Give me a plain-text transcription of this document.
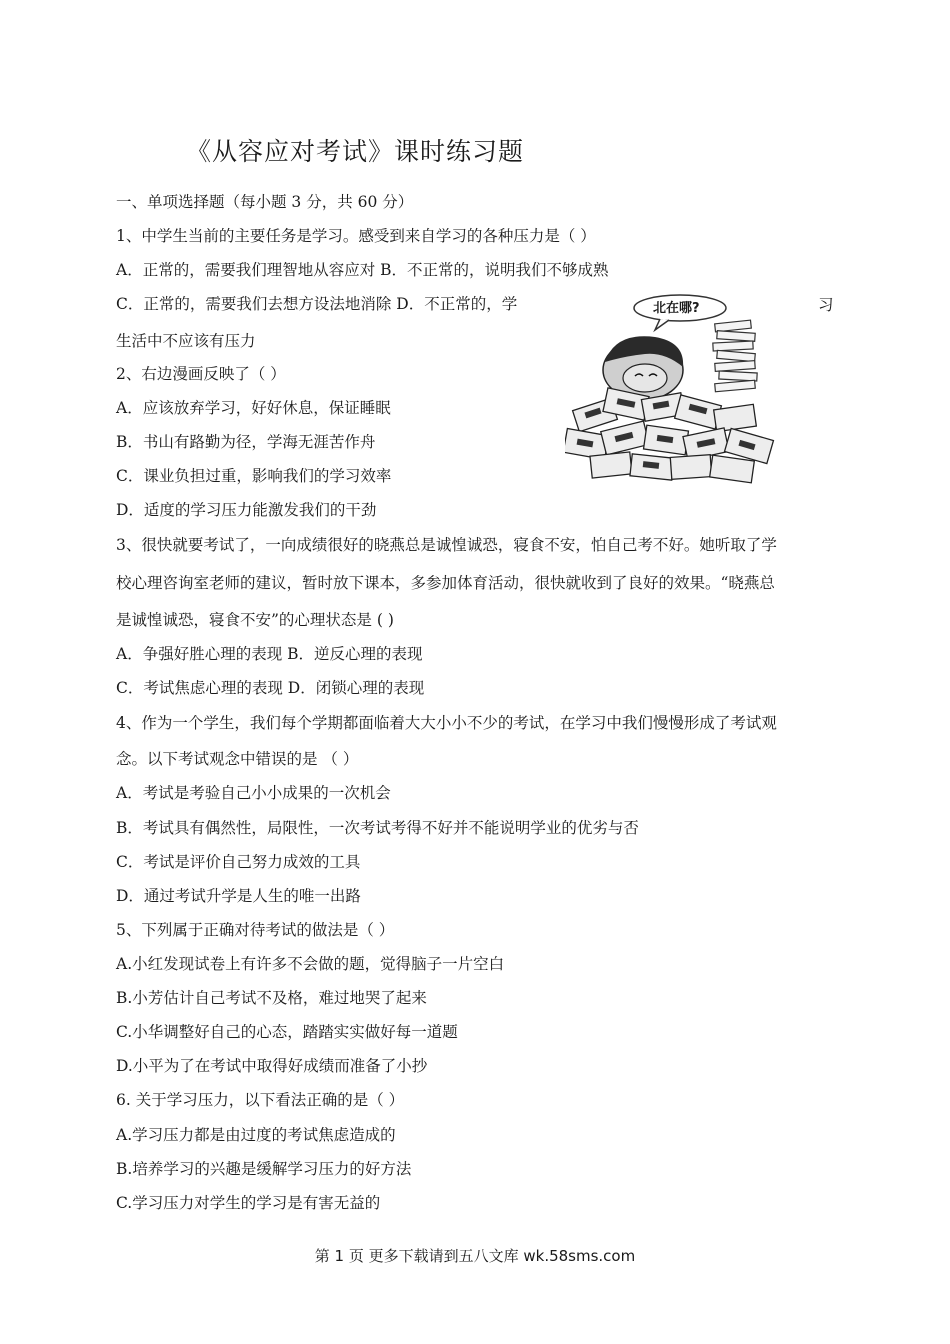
《从容应对考试》课时练习题
一、单项选择题（每小题 3 分，共 60 分）
1、中学生当前的主要任务是学习。感受到来自学习的各种压力是（ ）
A．正常的，需要我们理智地从容应对 B．不正常的，说明我们不够成熟
C．正常的，需要我们去想方设法地消除 D．不正常的，学	习
生活中不应该有压力
2、右边漫画反映了（ ）
A．应该放弃学习，好好休息，保证睡眠
B．书山有路勤为径，学海无涯苦作舟
C．课业负担过重，影响我们的学习效率
D．适度的学习压力能激发我们的干劲
3、很快就要考试了，一向成绩很好的晓燕总是诚惶诚恐，寝食不安，怕自己考不好。她听取了学
校心理咨询室老师的建议，暂时放下课本，多参加体育活动，很快就收到了良好的效果。“晓燕总
是诚惶诚恐，寝食不安”的心理状态是 ( )
A．争强好胜心理的表现 B．逆反心理的表现
C．考试焦虑心理的表现 D．闭锁心理的表现
4、作为一个学生，我们每个学期都面临着大大小小不少的考试，在学习中我们慢慢形成了考试观
念。以下考试观念中错误的是 （ ）
A．考试是考验自己小小成果的一次机会
B．考试具有偶然性，局限性，一次考试考得不好并不能说明学业的优劣与否
C．考试是评价自己努力成效的工具
D．通过考试升学是人生的唯一出路
5、下列属于正确对待考试的做法是（ ）
A.小红发现试卷上有许多不会做的题，觉得脑子一片空白
B.小芳估计自己考试不及格，难过地哭了起来
C.小华调整好自己的心态，踏踏实实做好每一道题
D.小平为了在考试中取得好成绩而准备了小抄
6. 关于学习压力，以下看法正确的是（ ）
A.学习压力都是由过度的考试焦虑造成的
B.培养学习的兴趣是缓解学习压力的好方法
C.学习压力对学生的学习是有害无益的
北在哪?
第 1 页 更多下载请到五八文库 wk.58sms.com
